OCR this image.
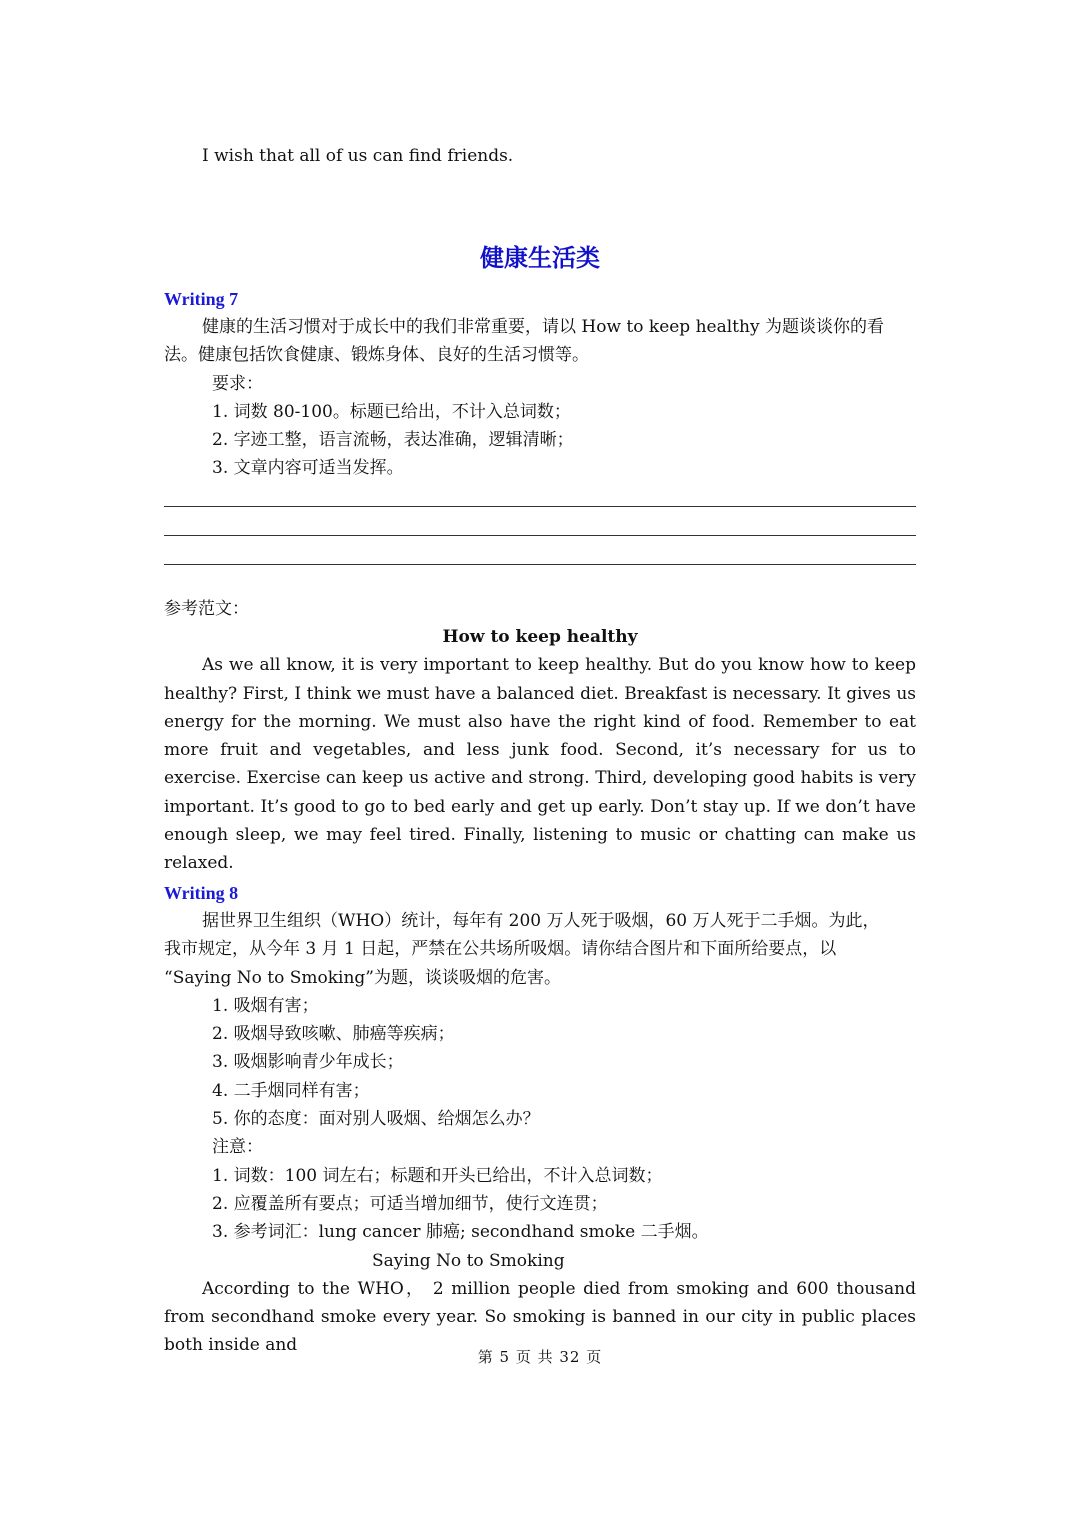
I wish that all of us can find friends.

健康生活类

Writing 7

健康的生活习惯对于成长中的我们非常重要，请以 How to keep healthy 为题谈谈你的看

法。健康包括饮食健康、锻炼身体、良好的生活习惯等。

要求：

1. 词数 80-100。标题已给出，不计入总词数；

2. 字迹工整，语言流畅，表达准确，逻辑清晰；

3. 文章内容可适当发挥。

参考范文：

How to keep healthy

As we all know, it is very important to keep healthy. But do you know how to keep healthy? First, I think we must have a balanced diet. Breakfast is necessary. It gives us energy for the morning. We must also have the right kind of food. Remember to eat more fruit and vegetables, and less junk food. Second, it’s necessary for us to exercise. Exercise can keep us active and strong. Third, developing good habits is very important. It’s good to go to bed early and get up early. Don’t stay up. If we don’t have enough sleep, we may feel tired. Finally, listening to music or chatting can make us relaxed.

Writing 8

据世界卫生组织（WHO）统计，每年有 200 万人死于吸烟，60 万人死于二手烟。为此，

我市规定，从今年 3 月 1 日起，严禁在公共场所吸烟。请你结合图片和下面所给要点，以

“Saying No to Smoking”为题，谈谈吸烟的危害。

1. 吸烟有害；

2. 吸烟导致咳嗽、肺癌等疾病；

3. 吸烟影响青少年成长；

4. 二手烟同样有害；

5. 你的态度：面对别人吸烟、给烟怎么办？

注意：

1. 词数：100 词左右；标题和开头已给出，不计入总词数；

2. 应覆盖所有要点；可适当增加细节，使行文连贯；

3. 参考词汇：lung cancer 肺癌; secondhand smoke 二手烟。

Saying No to Smoking

According to the WHO， 2 million people died from smoking and 600 thousand from secondhand smoke every year. So smoking is banned in our city in public places both inside and

第 5 页 共 32 页
